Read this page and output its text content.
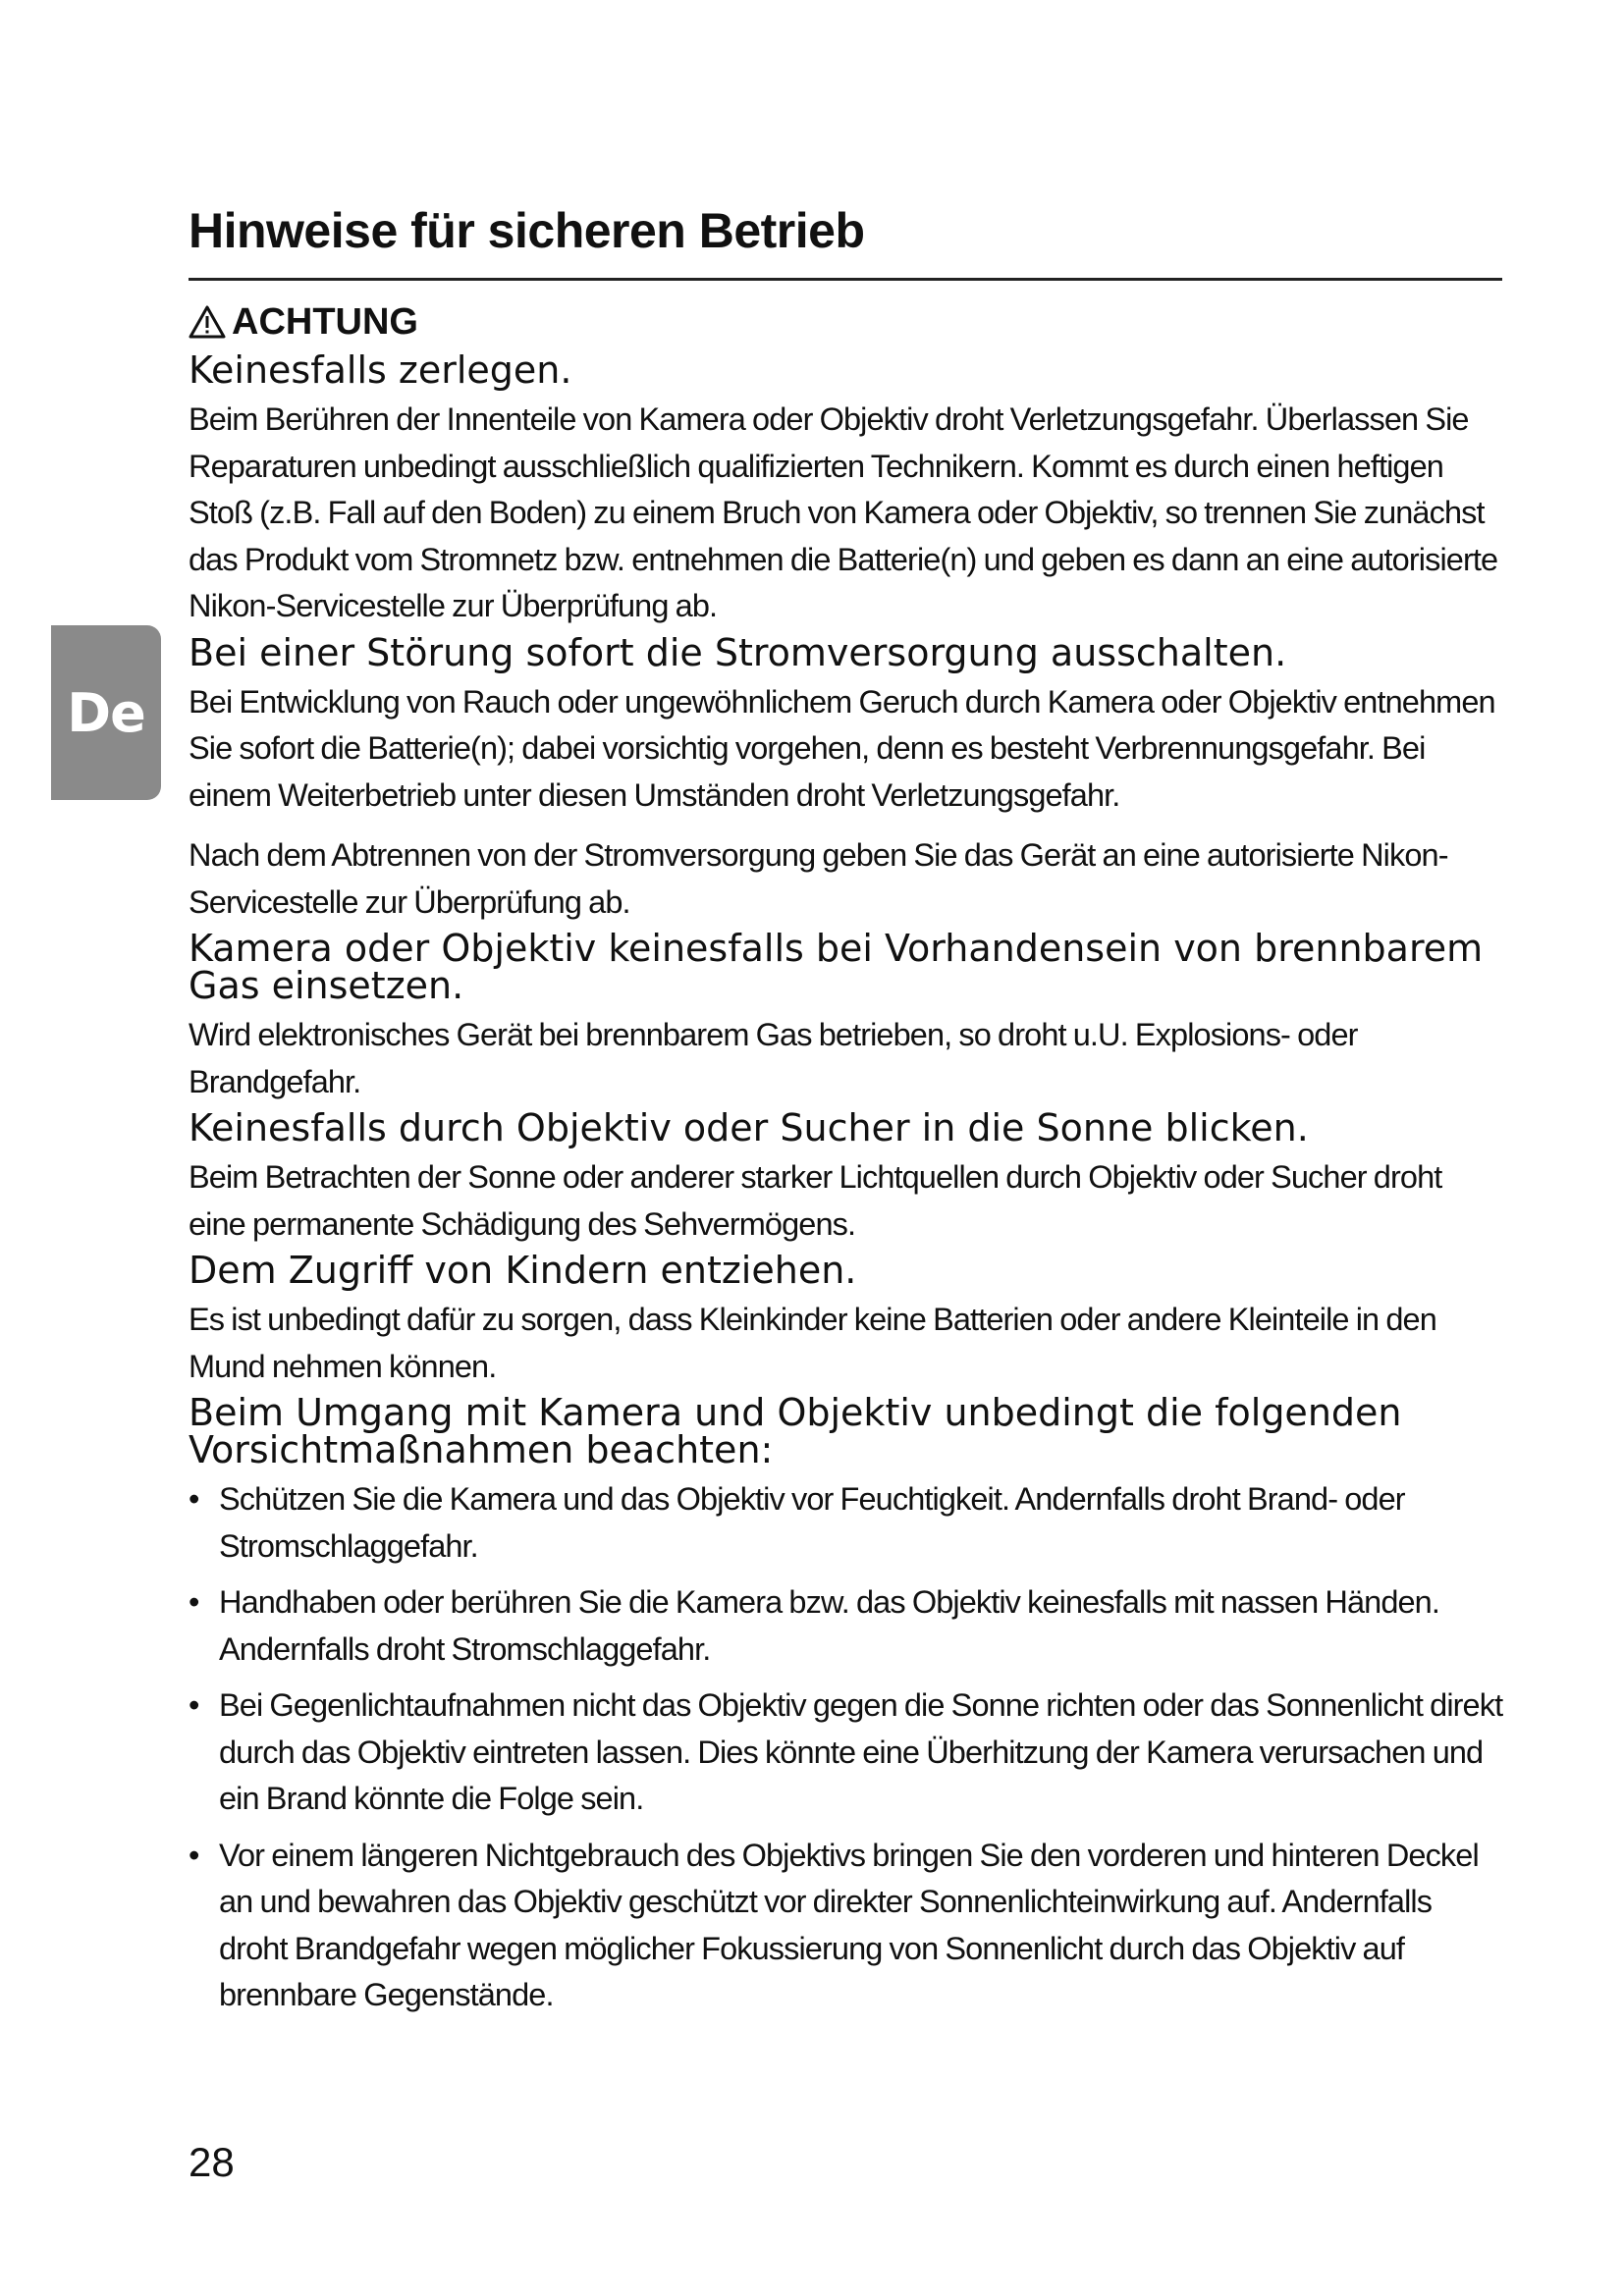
Hinweise für sicheren Betrieb
De
ACHTUNG
Keinesfalls zerlegen.

Beim Berühren der Innenteile von Kamera oder Objektiv droht Verletzungsgefahr. Überlassen Sie Reparaturen unbedingt ausschließlich qualifizierten Technikern. Kommt es durch einen heftigen Stoß (z.B. Fall auf den Boden) zu einem Bruch von Kamera oder Objektiv, so trennen Sie zunächst das Produkt vom Stromnetz bzw. entnehmen die Batterie(n) und geben es dann an eine autorisierte Nikon-Servicestelle zur Überprüfung ab.

Bei einer Störung sofort die Stromversorgung ausschalten.

Bei Entwicklung von Rauch oder ungewöhnlichem Geruch durch Kamera oder Objektiv entnehmen Sie sofort die Batterie(n); dabei vorsichtig vorgehen, denn es besteht Verbrennungsgefahr. Bei einem Weiterbetrieb unter diesen Umständen droht Verletzungsgefahr.

Nach dem Abtrennen von der Stromversorgung geben Sie das Gerät an eine autorisierte Nikon-Servicestelle zur Überprüfung ab.

Kamera oder Objektiv keinesfalls bei Vorhandensein von brennbarem Gas einsetzen.

Wird elektronisches Gerät bei brennbarem Gas betrieben, so droht u.U. Explosions- oder Brandgefahr.

Keinesfalls durch Objektiv oder Sucher in die Sonne blicken.

Beim Betrachten der Sonne oder anderer starker Lichtquellen durch Objektiv oder Sucher droht eine permanente Schädigung des Sehvermögens.

Dem Zugriff von Kindern entziehen.

Es ist unbedingt dafür zu sorgen, dass Kleinkinder keine Batterien oder andere Kleinteile in den Mund nehmen können.

Beim Umgang mit Kamera und Objektiv unbedingt die folgenden Vorsichtmaßnahmen beachten:
• Schützen Sie die Kamera und das Objektiv vor Feuchtigkeit. Andernfalls droht Brand- oder Stromschlaggefahr.
• Handhaben oder berühren Sie die Kamera bzw. das Objektiv keinesfalls mit nassen Händen. Andernfalls droht Stromschlaggefahr.
• Bei Gegenlichtaufnahmen nicht das Objektiv gegen die Sonne richten oder das Sonnenlicht direkt durch das Objektiv eintreten lassen. Dies könnte eine Überhitzung der Kamera verursachen und ein Brand könnte die Folge sein.
• Vor einem längeren Nichtgebrauch des Objektivs bringen Sie den vorderen und hinteren Deckel an und bewahren das Objektiv geschützt vor direkter Sonnenlichteinwirkung auf. Andernfalls droht Brandgefahr wegen möglicher Fokussierung von Sonnenlicht durch das Objektiv auf brennbare Gegenstände.
28
